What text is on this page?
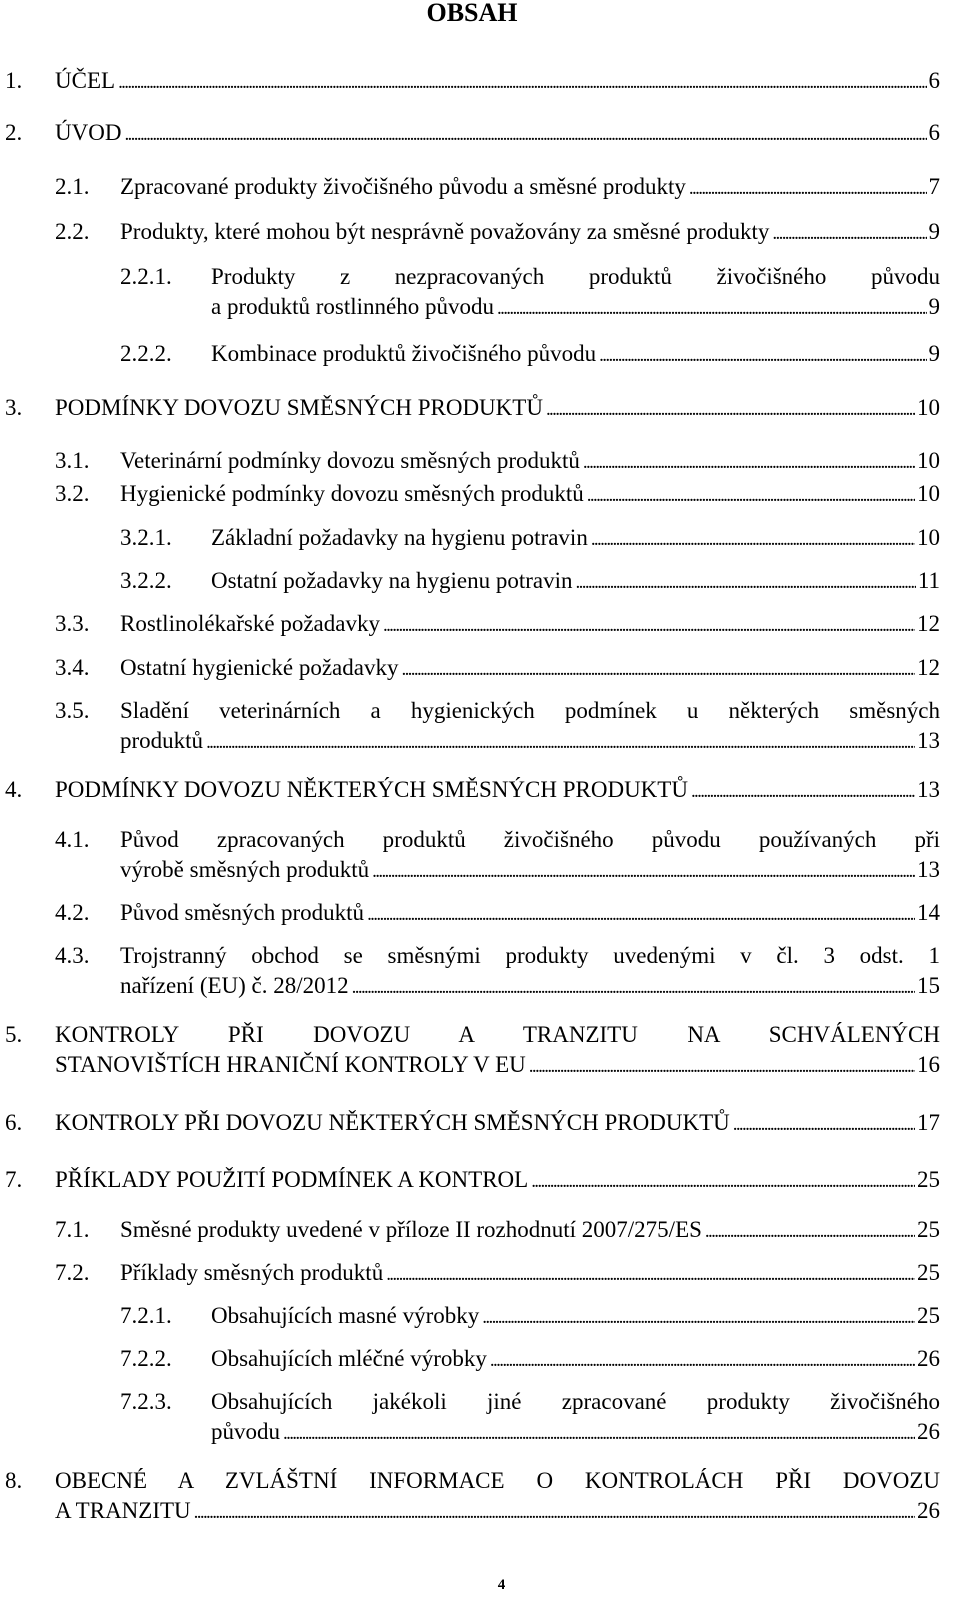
OBSAH
1. ÚČEL . . .	6
2. ÚVOD . . .	6
2.1. Zpracované produkty živočišného původu a směsné produkty . . .	7
2.2. Produkty, které mohou být nesprávně považovány za směsné produkty . . .	9
2.2.1. Produkty z nezpracovaných produktů živočišného původu
a produktů rostlinného původu . . .	9
2.2.2. Kombinace produktů živočišného původu . . .	9
3. PODMÍNKY DOVOZU SMĚSNÝCH PRODUKTŮ . . .	10
3.1. Veterinární podmínky dovozu směsných produktů . . .	10
3.2. Hygienické podmínky dovozu směsných produktů . . .	10
3.2.1. Základní požadavky na hygienu potravin . . .	10
3.2.2. Ostatní požadavky na hygienu potravin . . .	11
3.3. Rostlinolékařské požadavky . . .	12
3.4. Ostatní hygienické požadavky . . .	12
3.5. Sladění veterinárních a hygienických podmínek u některých směsných
produktů . . .	13
4. PODMÍNKY DOVOZU NĚKTERÝCH SMĚSNÝCH PRODUKTŮ . . .	13
4.1. Původ zpracovaných produktů živočišného původu používaných při
výrobě směsných produktů . . .	13
4.2. Původ směsných produktů . . .	14
4.3. Trojstranný obchod se směsnými produkty uvedenými v čl. 3 odst. 1
nařízení (EU) č. 28/2012 . . .	15
5. KONTROLY PŘI DOVOZU A TRANZITU NA SCHVÁLENÝCH
STANOVIŠTÍCH HRANIČNÍ KONTROLY V EU . . .	16
6. KONTROLY PŘI DOVOZU NĚKTERÝCH SMĚSNÝCH PRODUKTŮ . . .	17
7. PŘÍKLADY POUŽITÍ PODMÍNEK A KONTROL . . .	25
7.1. Směsné produkty uvedené v příloze II rozhodnutí 2007/275/ES . . .	25
7.2. Příklady směsných produktů . . .	25
7.2.1. Obsahujících masné výrobky . . .	25
7.2.2. Obsahujících mléčné výrobky . . .	26
7.2.3. Obsahujících jakékoli jiné zpracované produkty živočišného
původu . . .	26
8. OBECNÉ A ZVLÁŠTNÍ INFORMACE O KONTROLÁCH PŘI DOVOZU
A TRANZITU . . .	26
4
